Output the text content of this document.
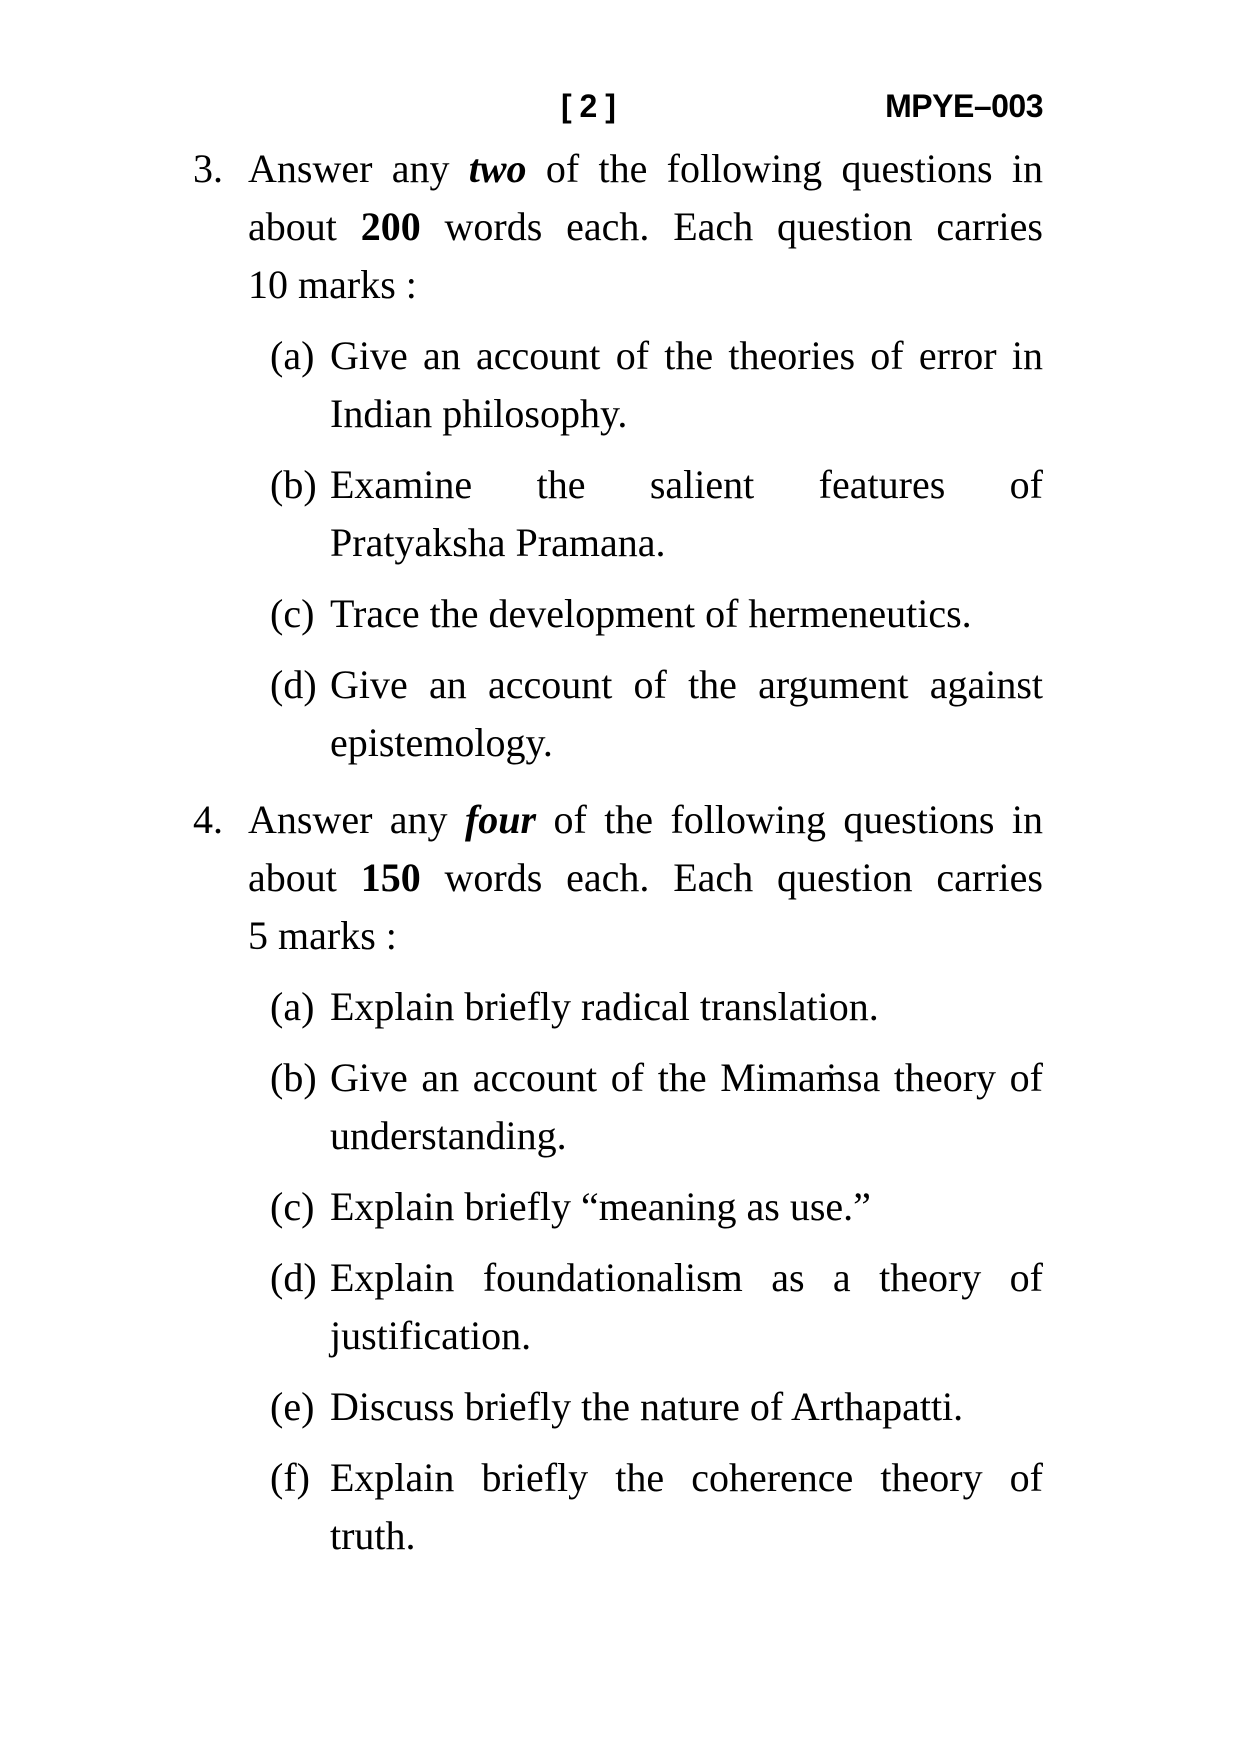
[ 2 ]	MPYE–003
3. Answer any two of the following questions in
about 200 words each. Each question carries
10 marks :
(a) Give an account of the theories of error in
Indian philosophy.
(b) Examine the salient features of
Pratyaksha Pramana.
(c) Trace the development of hermeneutics.
(d) Give an account of the argument against
epistemology.
4. Answer any four of the following questions in
about 150 words each. Each question carries
5 marks :
(a) Explain briefly radical translation.
(b) Give an account of the Mimaṁsa theory of
understanding.
(c) Explain briefly “meaning as use.”
(d) Explain foundationalism as a theory of
justification.
(e) Discuss briefly the nature of Arthapatti.
(f) Explain briefly the coherence theory of
truth.
